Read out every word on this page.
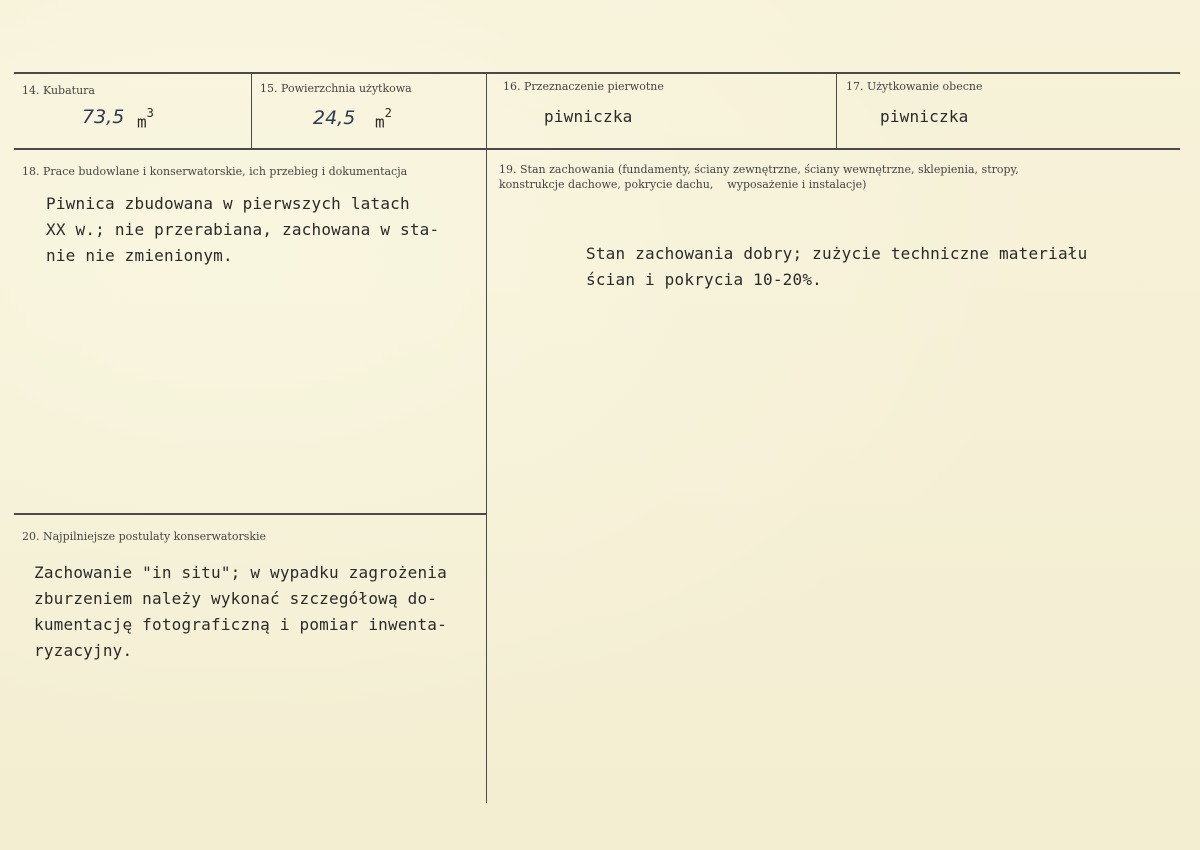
14. Kubatura
73,5 $m^3$
15. Powierzchnia użytkowa
24,5 $m^2$
16. Przeznaczenie pierwotne
piwniczka
17. Użytkowanie obecne
piwniczka
18. Prace budowlane i konserwatorskie, ich przebieg i dokumentacja
Piwnica zbudowana w pierwszych latach
XX w.; nie przerabiana, zachowana w sta-
nie nie zmienionym.
19. Stan zachowania (fundamenty, ściany zewnętrzne, ściany wewnętrzne, sklepienia, stropy,
konstrukcje dachowe, pokrycie dachu,    wyposażenie i instalacje)
Stan zachowania dobry; zużycie techniczne materiału
ścian i pokrycia 10-20%.
20. Najpilniejsze postulaty konserwatorskie
Zachowanie "in situ"; w wypadku zagrożenia
zburzeniem należy wykonać szczegółową do-
kumentację fotograficzną i pomiar inwenta-
ryzacyjny.
